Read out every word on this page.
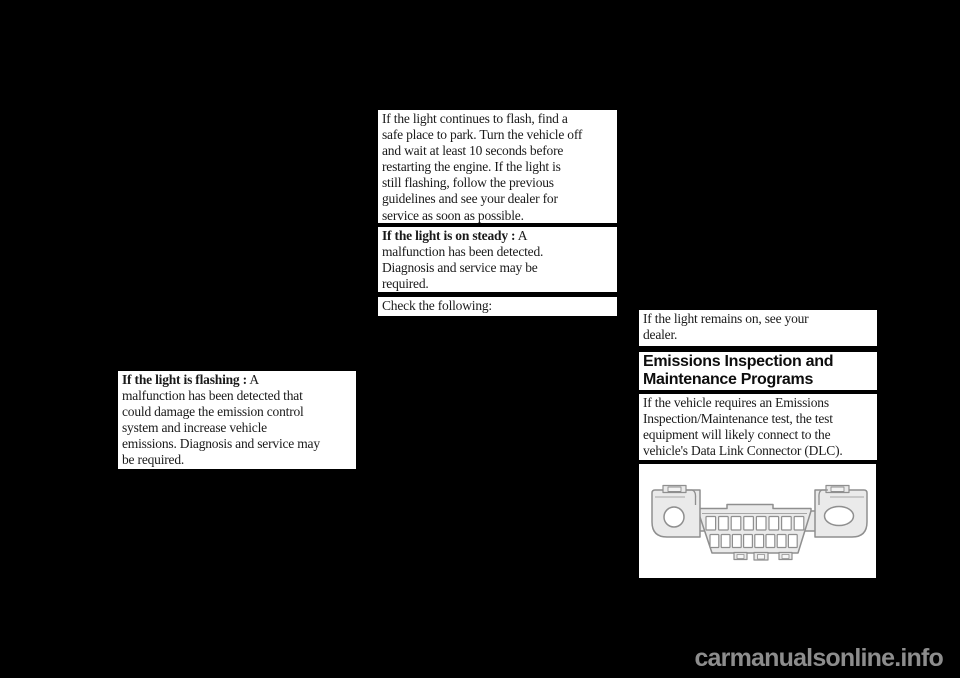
If the light continues to flash, find a
safe place to park. Turn the vehicle off
and wait at least 10 seconds before
restarting the engine. If the light is
still flashing, follow the previous
guidelines and see your dealer for
service as soon as possible.
If the light is on steady : A
malfunction has been detected.
Diagnosis and service may be
required.
Check the following:
If the light is flashing : A
malfunction has been detected that
could damage the emission control
system and increase vehicle
emissions. Diagnosis and service may
be required.
If the light remains on, see your
dealer.
Emissions Inspection and
Maintenance Programs
If the vehicle requires an Emissions
Inspection/Maintenance test, the test
equipment will likely connect to the
vehicle's Data Link Connector (DLC).
carmanualsonline.info
